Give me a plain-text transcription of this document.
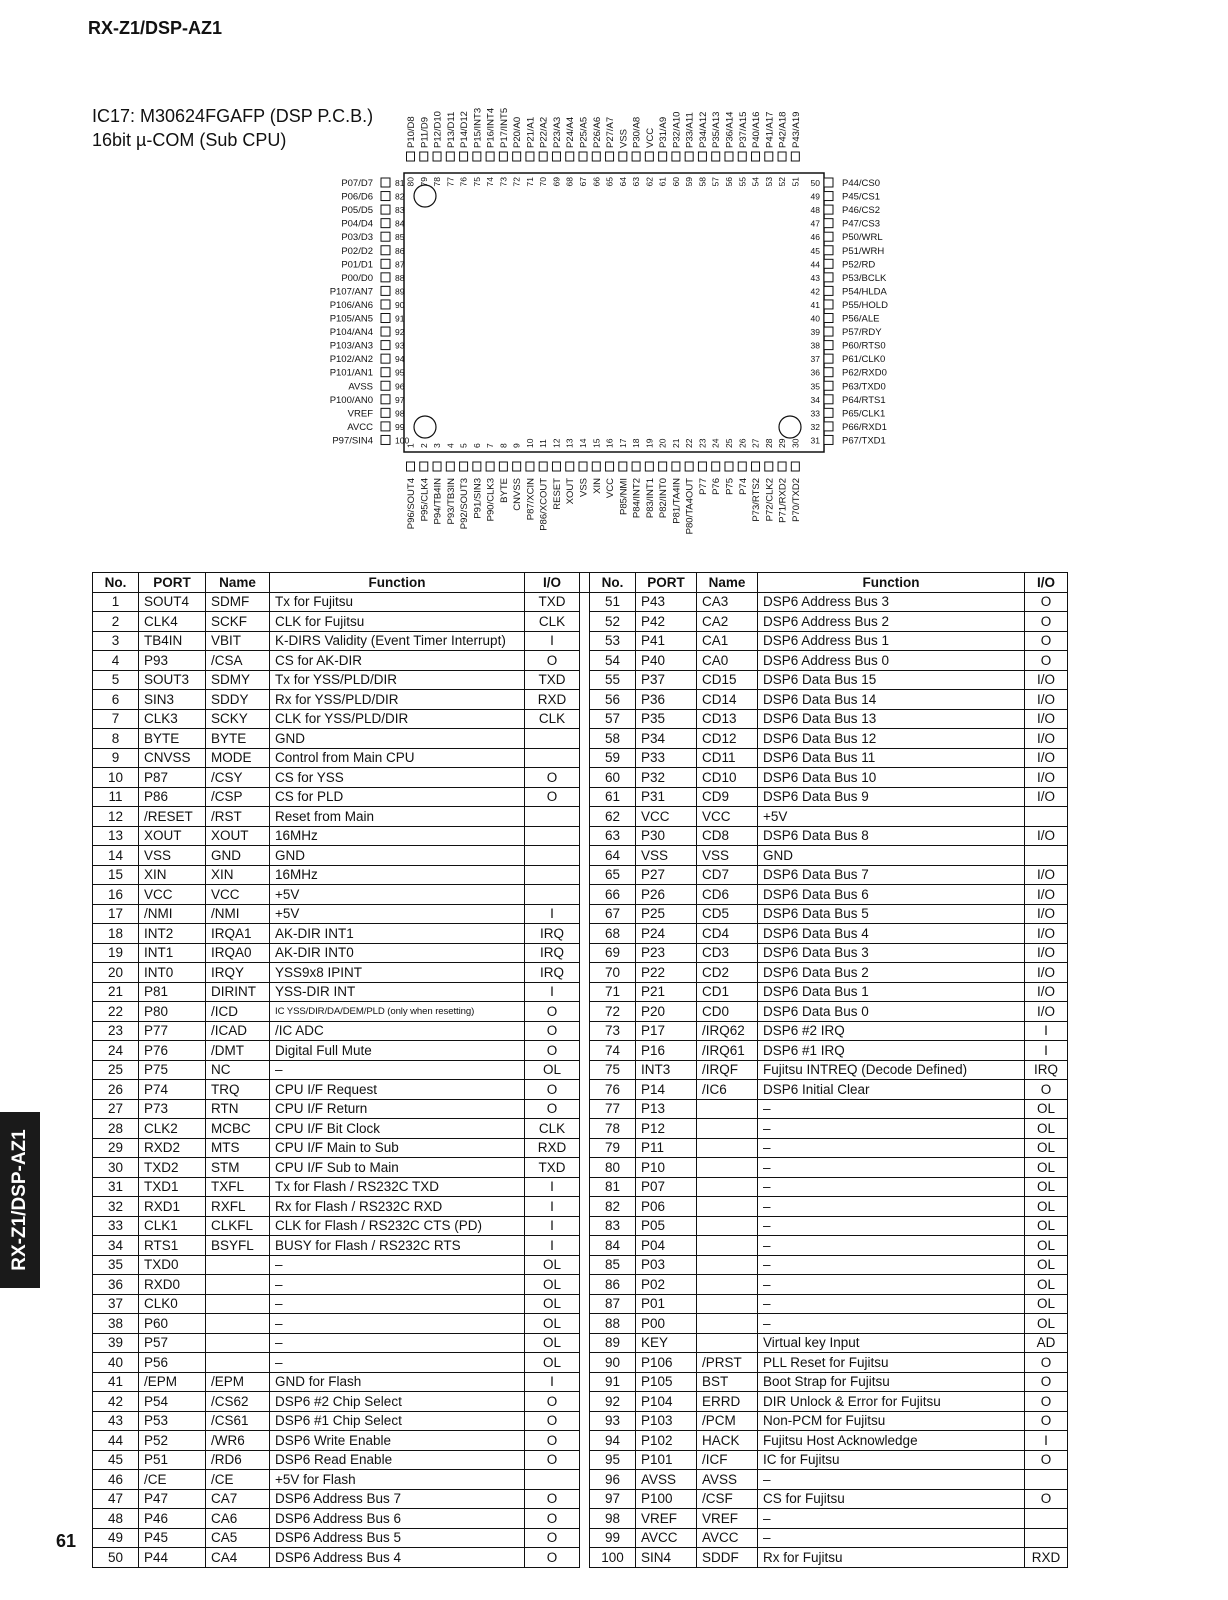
RX-Z1/DSP-AZ1
IC17: M30624FGAFP (DSP P.C.B.)
16bit µ-COM (Sub CPU)	P10/D8
80
P11/D9
79
P12/D10
78
P13/D11
77
P14/D12
76
P15/INT3
75
P16/INT4
74
P17/INT5
73
P20/A0
72
P21/A1
71
P22/A2
70
P23/A3
69
P24/A4
68
P25/A5
67
P26/A6
66
P27/A7
65
VSS
64
P30/A8
63
VCC
62
P31/A9
61
P32/A10
60
P33/A11
59
P34/A12
58
P35/A13
57
P36/A14
56
P37/A15
55
P40/A16
54
P41/A17
53
P42/A18
52
P43/A19
51
P07/D7	81
P06/D6	82
P05/D5	83
P04/D4	84
P03/D3	85
P02/D2	86
P01/D1	87
P00/D0	88
P107/AN7	89
P106/AN6	90
P105/AN5	91
P104/AN4	92
P103/AN3	93
P102/AN2	94
P101/AN1	95
AVSS	96
P100/AN0	97
VREF	98
AVCC	99
P97/SIN4	100
P44/CS0
50
P45/CS1
49
P46/CS2
48
P47/CS3
47
P50/WRL
46
P51/WRH
45
P52/RD
44
P53/BCLK
43
P54/HLDA
42
P55/HOLD
41
P56/ALE
40
P57/RDY
39
P60/RTS0
38
P61/CLK0
37
P62/RXD0
36
P63/TXD0
35
P64/RTS1
34
P65/CLK1
33
P66/RXD1
32
P67/TXD1
31
P96/SOUT4
1
P95/CLK4
2
P94/TB4IN
3
P93/TB3IN
4
P92/SOUT3
5
P91/SIN3
6
P90/CLK3
7
BYTE
8
CNVSS
9
P87/XCIN
10
P86/XCOUT
11
RESET
12
XOUT
13
VSS
14
XIN
15
VCC
16
P85/NMI
17
P84/INT2
18
P83/INT1
19
P82/INT0
20
P81/TA4IN
21
P80/TA4OUT
22
P77
23
P76
24
P75
25
P74
26
P73/RTS2
27
P72/CLK2
28
P71/RXD2
29
P70/TXD2
30
No.	PORT	Name	Function	I/O		No.	PORT	Name	Function	I/O
1	SOUT4	SDMF	Tx for Fujitsu	TXD		51	P43	CA3	DSP6 Address Bus 3	O
2	CLK4	SCKF	CLK for Fujitsu	CLK		52	P42	CA2	DSP6 Address Bus 2	O
3	TB4IN	VBIT	K-DIRS Validity (Event Timer Interrupt)	I		53	P41	CA1	DSP6 Address Bus 1	O
4	P93	/CSA	CS for AK-DIR	O		54	P40	CA0	DSP6 Address Bus 0	O
5	SOUT3	SDMY	Tx for YSS/PLD/DIR	TXD		55	P37	CD15	DSP6 Data Bus 15	I/O
6	SIN3	SDDY	Rx for YSS/PLD/DIR	RXD		56	P36	CD14	DSP6 Data Bus 14	I/O
7	CLK3	SCKY	CLK for YSS/PLD/DIR	CLK		57	P35	CD13	DSP6 Data Bus 13	I/O
8	BYTE	BYTE	GND			58	P34	CD12	DSP6 Data Bus 12	I/O
9	CNVSS	MODE	Control from Main CPU			59	P33	CD11	DSP6 Data Bus 11	I/O
10	P87	/CSY	CS for YSS	O		60	P32	CD10	DSP6 Data Bus 10	I/O
11	P86	/CSP	CS for PLD	O		61	P31	CD9	DSP6 Data Bus 9	I/O
12	/RESET	/RST	Reset from Main			62	VCC	VCC	+5V	
13	XOUT	XOUT	16MHz			63	P30	CD8	DSP6 Data Bus 8	I/O
14	VSS	GND	GND			64	VSS	VSS	GND	
15	XIN	XIN	16MHz			65	P27	CD7	DSP6 Data Bus 7	I/O
16	VCC	VCC	+5V			66	P26	CD6	DSP6 Data Bus 6	I/O
17	/NMI	/NMI	+5V	I		67	P25	CD5	DSP6 Data Bus 5	I/O
18	INT2	IRQA1	AK-DIR INT1	IRQ		68	P24	CD4	DSP6 Data Bus 4	I/O
19	INT1	IRQA0	AK-DIR INT0	IRQ		69	P23	CD3	DSP6 Data Bus 3	I/O
20	INT0	IRQY	YSS9x8 IPINT	IRQ		70	P22	CD2	DSP6 Data Bus 2	I/O
21	P81	DIRINT	YSS-DIR INT	I		71	P21	CD1	DSP6 Data Bus 1	I/O
22	P80	/ICD	IC YSS/DIR/DA/DEM/PLD (only when resetting)	O		72	P20	CD0	DSP6 Data Bus 0	I/O
23	P77	/ICAD	/IC ADC	O		73	P17	/IRQ62	DSP6 #2 IRQ	I
24	P76	/DMT	Digital Full Mute	O		74	P16	/IRQ61	DSP6 #1 IRQ	I
25	P75	NC	–	OL		75	INT3	/IRQF	Fujitsu INTREQ (Decode Defined)	IRQ
26	P74	TRQ	CPU I/F Request	O		76	P14	/IC6	DSP6 Initial Clear	O
27	P73	RTN	CPU I/F Return	O		77	P13		–	OL
28	CLK2	MCBC	CPU I/F Bit Clock	CLK		78	P12		–	OL
29	RXD2	MTS	CPU I/F Main to Sub	RXD		79	P11		–	OL
30	TXD2	STM	CPU I/F Sub to Main	TXD		80	P10		–	OL
31	TXD1	TXFL	Tx for Flash / RS232C TXD	I		81	P07		–	OL
32	RXD1	RXFL	Rx for Flash / RS232C RXD	I		82	P06		–	OL
33	CLK1	CLKFL	CLK for Flash / RS232C CTS (PD)	I		83	P05		–	OL
34	RTS1	BSYFL	BUSY for Flash / RS232C RTS	I		84	P04		–	OL
35	TXD0		–	OL		85	P03		–	OL
36	RXD0		–	OL		86	P02		–	OL
37	CLK0		–	OL		87	P01		–	OL
38	P60		–	OL		88	P00		–	OL
39	P57		–	OL		89	KEY		Virtual key Input	AD
40	P56		–	OL		90	P106	/PRST	PLL Reset for Fujitsu	O
41	/EPM	/EPM	GND for Flash	I		91	P105	BST	Boot Strap for Fujitsu	O
42	P54	/CS62	DSP6 #2 Chip Select	O		92	P104	ERRD	DIR Unlock & Error for Fujitsu	O
43	P53	/CS61	DSP6 #1 Chip Select	O		93	P103	/PCM	Non-PCM for Fujitsu	O
44	P52	/WR6	DSP6 Write Enable	O		94	P102	HACK	Fujitsu Host Acknowledge	I
45	P51	/RD6	DSP6 Read Enable	O		95	P101	/ICF	IC for Fujitsu	O
46	/CE	/CE	+5V for Flash			96	AVSS	AVSS	–	
47	P47	CA7	DSP6 Address Bus 7	O		97	P100	/CSF	CS for Fujitsu	O
48	P46	CA6	DSP6 Address Bus 6	O		98	VREF	VREF	–	
49	P45	CA5	DSP6 Address Bus 5	O		99	AVCC	AVCC	–	
50	P44	CA4	DSP6 Address Bus 4	O		100	SIN4	SDDF	Rx for Fujitsu	RXD
RX-Z1/DSP-AZ1
61
